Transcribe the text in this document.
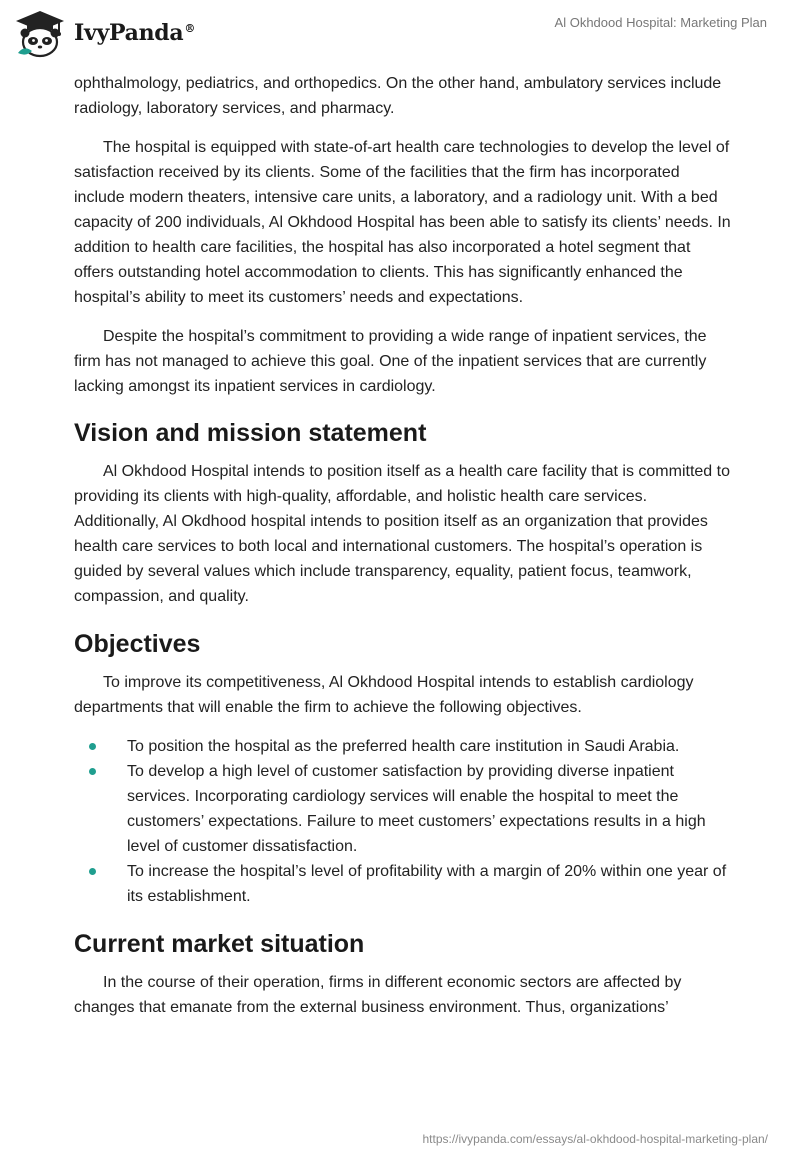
IvyPanda®	Al Okhdood Hospital: Marketing Plan

ophthalmology, pediatrics, and orthopedics. On the other hand, ambulatory services include radiology, laboratory services, and pharmacy.

The hospital is equipped with state-of-art health care technologies to develop the level of satisfaction received by its clients. Some of the facilities that the firm has incorporated include modern theaters, intensive care units, a laboratory, and a radiology unit. With a bed capacity of 200 individuals, Al Okhdood Hospital has been able to satisfy its clients’ needs. In addition to health care facilities, the hospital has also incorporated a hotel segment that offers outstanding hotel accommodation to clients. This has significantly enhanced the hospital’s ability to meet its customers’ needs and expectations.

Despite the hospital’s commitment to providing a wide range of inpatient services, the firm has not managed to achieve this goal. One of the inpatient services that are currently lacking amongst its inpatient services in cardiology.

Vision and mission statement

Al Okhdood Hospital intends to position itself as a health care facility that is committed to providing its clients with high-quality, affordable, and holistic health care services. Additionally, Al Okdhood hospital intends to position itself as an organization that provides health care services to both local and international customers. The hospital’s operation is guided by several values which include transparency, equality, patient focus, teamwork, compassion, and quality.

Objectives

To improve its competitiveness, Al Okhdood Hospital intends to establish cardiology departments that will enable the firm to achieve the following objectives.

To position the hospital as the preferred health care institution in Saudi Arabia.
To develop a high level of customer satisfaction by providing diverse inpatient services. Incorporating cardiology services will enable the hospital to meet the customers’ expectations. Failure to meet customers’ expectations results in a high level of customer dissatisfaction.
To increase the hospital’s level of profitability with a margin of 20% within one year of its establishment.
Current market situation

In the course of their operation, firms in different economic sectors are affected by changes that emanate from the external business environment. Thus, organizations’

https://ivypanda.com/essays/al-okhdood-hospital-marketing-plan/
